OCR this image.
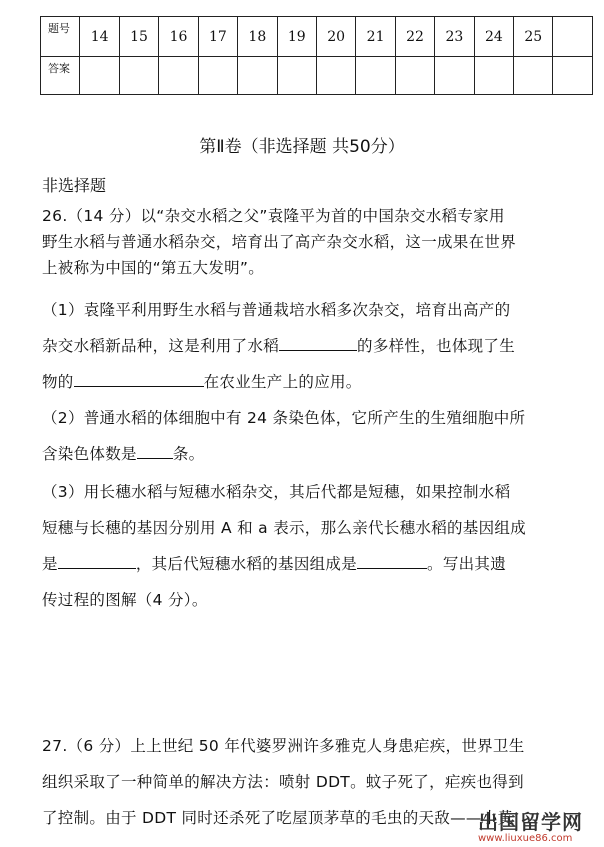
题号	14	15	16	17	18	19	20	21	22	23	24	25	
答案													
第Ⅱ卷（非选择题 共50分）
非选择题
26.（14 分）以“杂交水稻之父”袁隆平为首的中国杂交水稻专家用
野生水稻与普通水稻杂交，培育出了高产杂交水稻，这一成果在世界
上被称为中国的“第五大发明”。
（1）袁隆平利用野生水稻与普通栽培水稻多次杂交，培育出高产的
杂交水稻新品种，这是利用了水稻	的多样性，也体现了生
物的	在农业生产上的应用。
（2）普通水稻的体细胞中有 24 条染色体，它所产生的生殖细胞中所
含染色体数是 条。
（3）用长穗水稻与短穗水稻杂交，其后代都是短穗，如果控制水稻
短穗与长穗的基因分别用 A 和 a 表示，那么亲代长穗水稻的基因组成
是	，其后代短穗水稻的基因组成是	。写出其遗
传过程的图解（4 分）。
27.（6 分）上上世纪 50 年代婆罗洲许多雅克人身患疟疾，世界卫生
组织采取了一种简单的解决方法：喷射 DDT。蚊子死了，疟疾也得到
了控制。由于 DDT 同时还杀死了吃屋顶茅草的毛虫的天敌——小黄
出国留学网
www.liuxue86.com
